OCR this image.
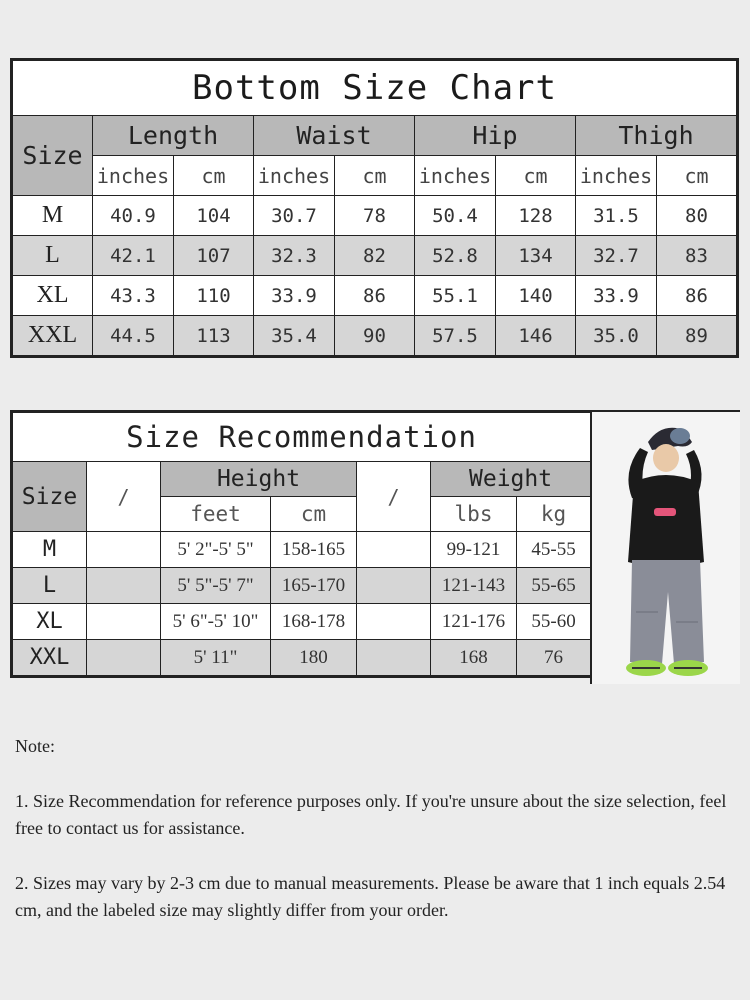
Bottom Size Chart								
Size	Length		Waist		Hip		Thigh	
	inches	cm	inches	cm	inches	cm	inches	cm
M	40.9	104	30.7	78	50.4	128	31.5	80
L	42.1	107	32.3	82	52.8	134	32.7	83
XL	43.3	110	33.9	86	55.1	140	33.9	86
XXL	44.5	113	35.4	90	57.5	146	35.0	89
Size Recommendation						
Size	/	Height		/	Weight	
		feet	cm		lbs	kg
M		5' 2"-5' 5"	158-165		99-121	45-55
L		5' 5"-5' 7"	165-170		121-143	55-65
XL		5' 6"-5' 10"	168-178		121-176	55-60
XXL		5' 11"	180		168	76

Note:

1. Size Recommendation for reference purposes only. If you're unsure about the size selection, feel free to contact us for assistance.

2. Sizes may vary by 2-3 cm due to manual measurements. Please be aware that 1 inch equals 2.54 cm, and the labeled size may slightly differ from your order.
